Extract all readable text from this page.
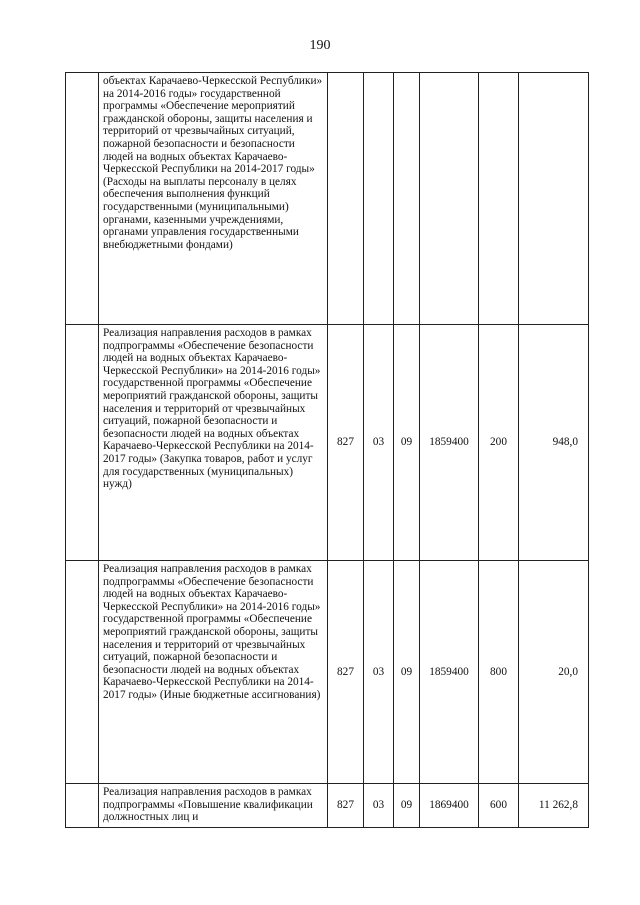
190
	объектах Карачаево-Черкесской Республики» на 2014-2016 годы» государственной программы «Обеспечение мероприятий гражданской обороны, защиты населения и территорий от чрезвычайных ситуаций, пожарной безопасности и безопасности людей на водных объектах Карачаево-Черкесской Республики на 2014-2017 годы» (Расходы на выплаты персоналу в целях обеспечения выполнения функций государственными (муниципальными) органами, казенными учреждениями, органами управления государственными внебюджетными фондами)						
	Реализация направления расходов в рамках подпрограммы «Обеспечение безопасности людей на водных объектах Карачаево-Черкесской Республики» на 2014-2016 годы» государственной программы «Обеспечение мероприятий гражданской обороны, защиты населения и территорий от чрезвычайных ситуаций, пожарной безопасности и безопасности людей на водных объектах Карачаево-Черкесской Республики на 2014-2017 годы» (Закупка товаров, работ и услуг для государственных (муниципальных) нужд)	827	03	09	1859400	200	948,0
	Реализация направления расходов в рамках подпрограммы «Обеспечение безопасности людей на водных объектах Карачаево-Черкесской Республики» на 2014-2016 годы» государственной программы «Обеспечение мероприятий гражданской обороны, защиты населения и территорий от чрезвычайных ситуаций, пожарной безопасности и безопасности людей на водных объектах Карачаево-Черкесской Республики на 2014-2017 годы» (Иные бюджетные ассигнования)	827	03	09	1859400	800	20,0
	Реализация направления расходов в рамках подпрограммы «Повышение квалификации должностных лиц и	827	03	09	1869400	600	11 262,8
